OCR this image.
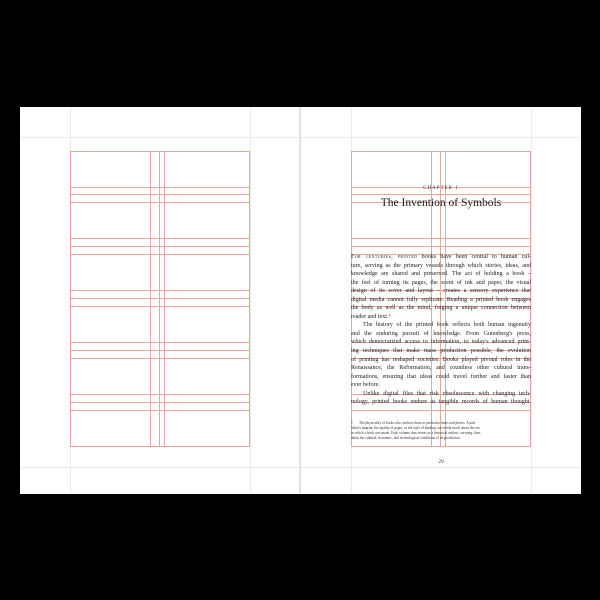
CHAPTER 1
The Invention of Symbols

For centuries, printed books have been central to human cul-

ture, serving as the primary vessels through which stories, ideas, and

knowledge are shared and preserved. The act of holding a book –

the feel of turning its pages, the scent of ink and paper, the visual

design of its cover and layout – creates a sensory experience that

digital media cannot fully replicate. Reading a printed book engages

the body as well as the mind, forging a unique connection between

reader and text.¹

The history of the printed book reflects both human ingenuity

and the enduring pursuit of knowledge. From Gutenberg's press,

which democratized access to information, to today's advanced print-

ing techniques that make mass production possible, the evolution

of printing has reshaped societies. Books played pivotal roles in the

Renaissance, the Reformation, and countless other cultural trans-

formations, ensuring that ideas could travel further and faster than

ever before.

Unlike digital files that risk obsolescence with changing tech-

nology, printed books endure as tangible records of human thought.

1 The physicality of books also anchors them in particular times and places. A pub-

lisher's imprint, the quality of paper, or the style of binding can reveal much about the era

in which a book was made. Each volume thus serves as a historical artifact, carrying clues

about the cultural, economic, and technological conditions of its production.

29
